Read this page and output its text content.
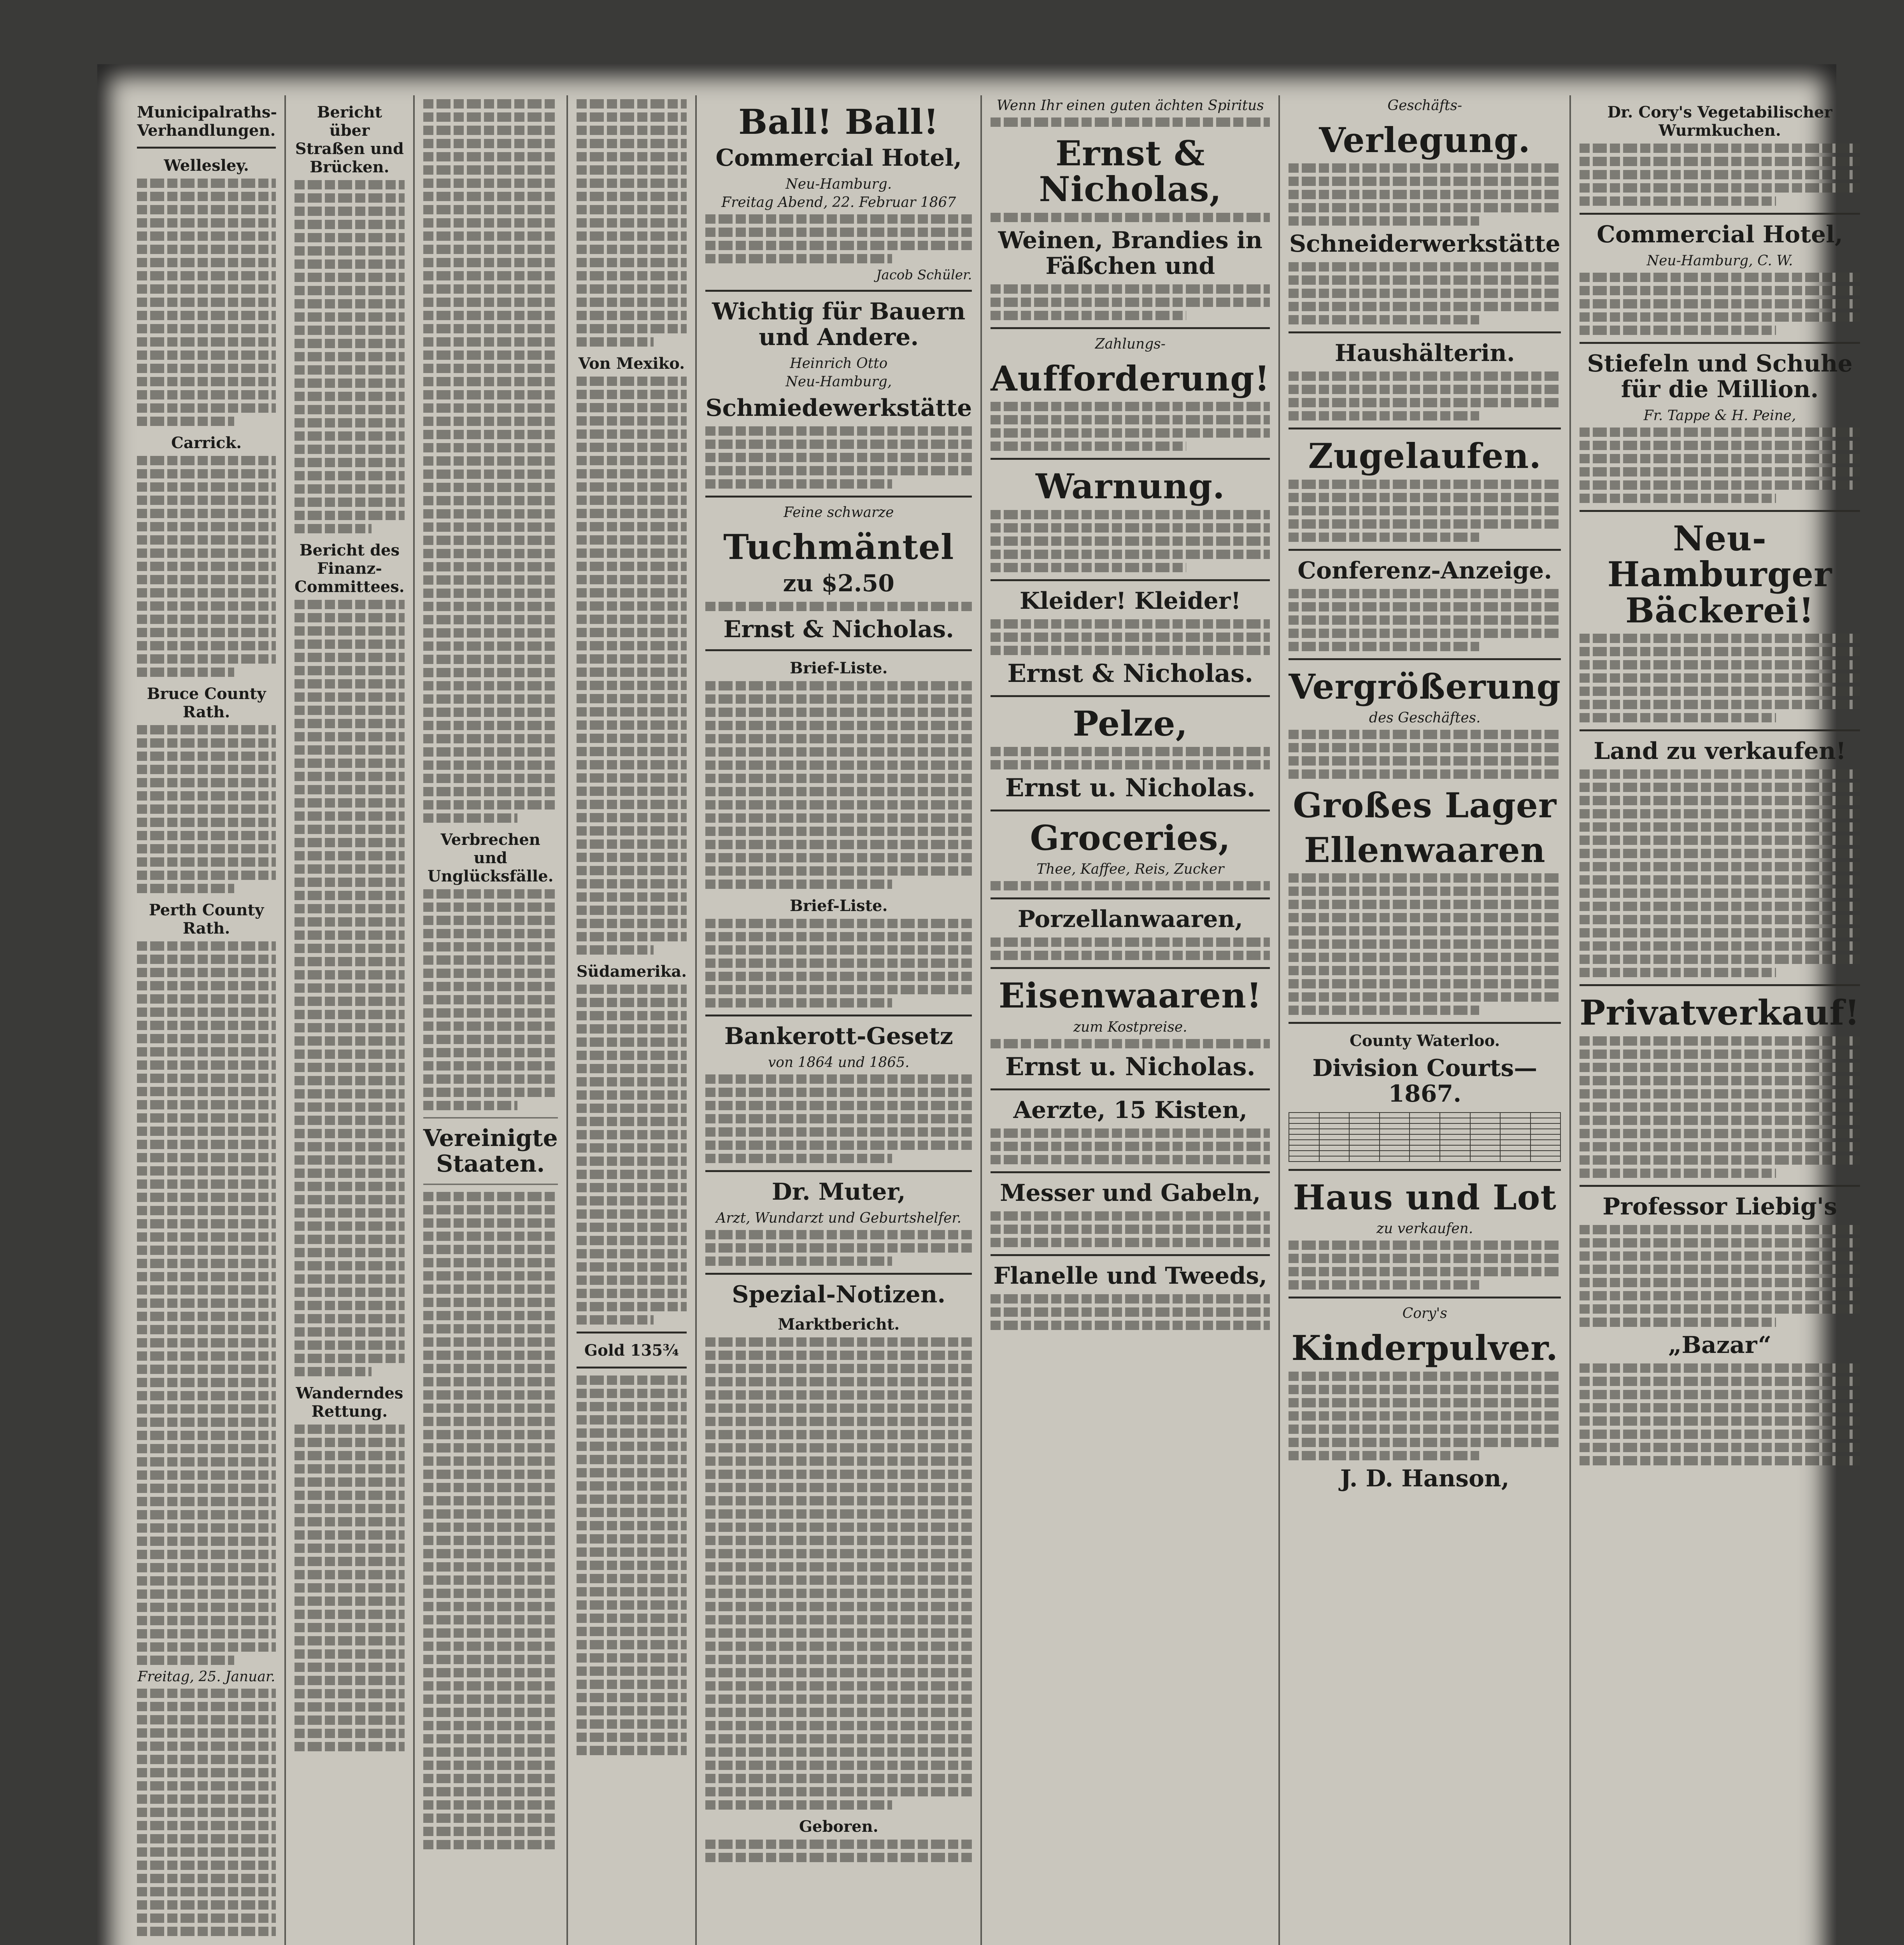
Municipalraths-Verhandlungen.
Wellesley.
Carrick.
Bruce County Rath.
Perth County Rath.
Freitag, 25. Januar.
Bericht über Straßen und Brücken.
Bericht des Finanz-Committees.
Wanderndes Rettung.
Verbrechen und Unglücksfälle.
Vereinigte Staaten.
Von Mexiko.
Südamerika.
Gold 135¾
Ball! Ball!
Commercial Hotel,
Neu-Hamburg.
Freitag Abend, 22. Februar 1867
Jacob Schüler.
Wichtig für Bauern und Andere.
Heinrich Otto
Neu-Hamburg,
Schmiedewerkstätte
Feine schwarze
Tuchmäntel
zu $2.50
Ernst & Nicholas.
Brief-Liste.
Brief-Liste.
Bankerott-Gesetz
von 1864 und 1865.
Dr. Muter,
Arzt, Wundarzt und Geburtshelfer.
Spezial-Notizen.
Marktbericht.
Geboren.
Wenn Ihr einen guten ächten Spiritus
Ernst & Nicholas,
Weinen, Brandies in Fäßchen und
Zahlungs-
Aufforderung!
Warnung.
Kleider! Kleider!
Ernst & Nicholas.
Pelze,
Ernst u. Nicholas.
Groceries,
Thee, Kaffee, Reis, Zucker
Porzellanwaaren,
Eisenwaaren!
zum Kostpreise.
Ernst u. Nicholas.
Aerzte, 15 Kisten,
Messer und Gabeln,
Flanelle und Tweeds,
Geschäfts-
Verlegung.
Schneiderwerkstätte
Haushälterin.
Zugelaufen.
Conferenz-Anzeige.
Vergrößerung
des Geschäftes.
Großes Lager
Ellenwaaren
County Waterloo.
Division Courts—1867.

Haus und Lot
zu verkaufen.
Cory's
Kinderpulver.
J. D. Hanson,
Dr. Cory's Vegetabilischer Wurmkuchen.
Commercial Hotel,
Neu-Hamburg, C. W.
Stiefeln und Schuhe für die Million.
Fr. Tappe & H. Peine,
Neu-Hamburger Bäckerei!
Land zu verkaufen!
Privatverkauf!
Professor Liebig's
„Bazar“
